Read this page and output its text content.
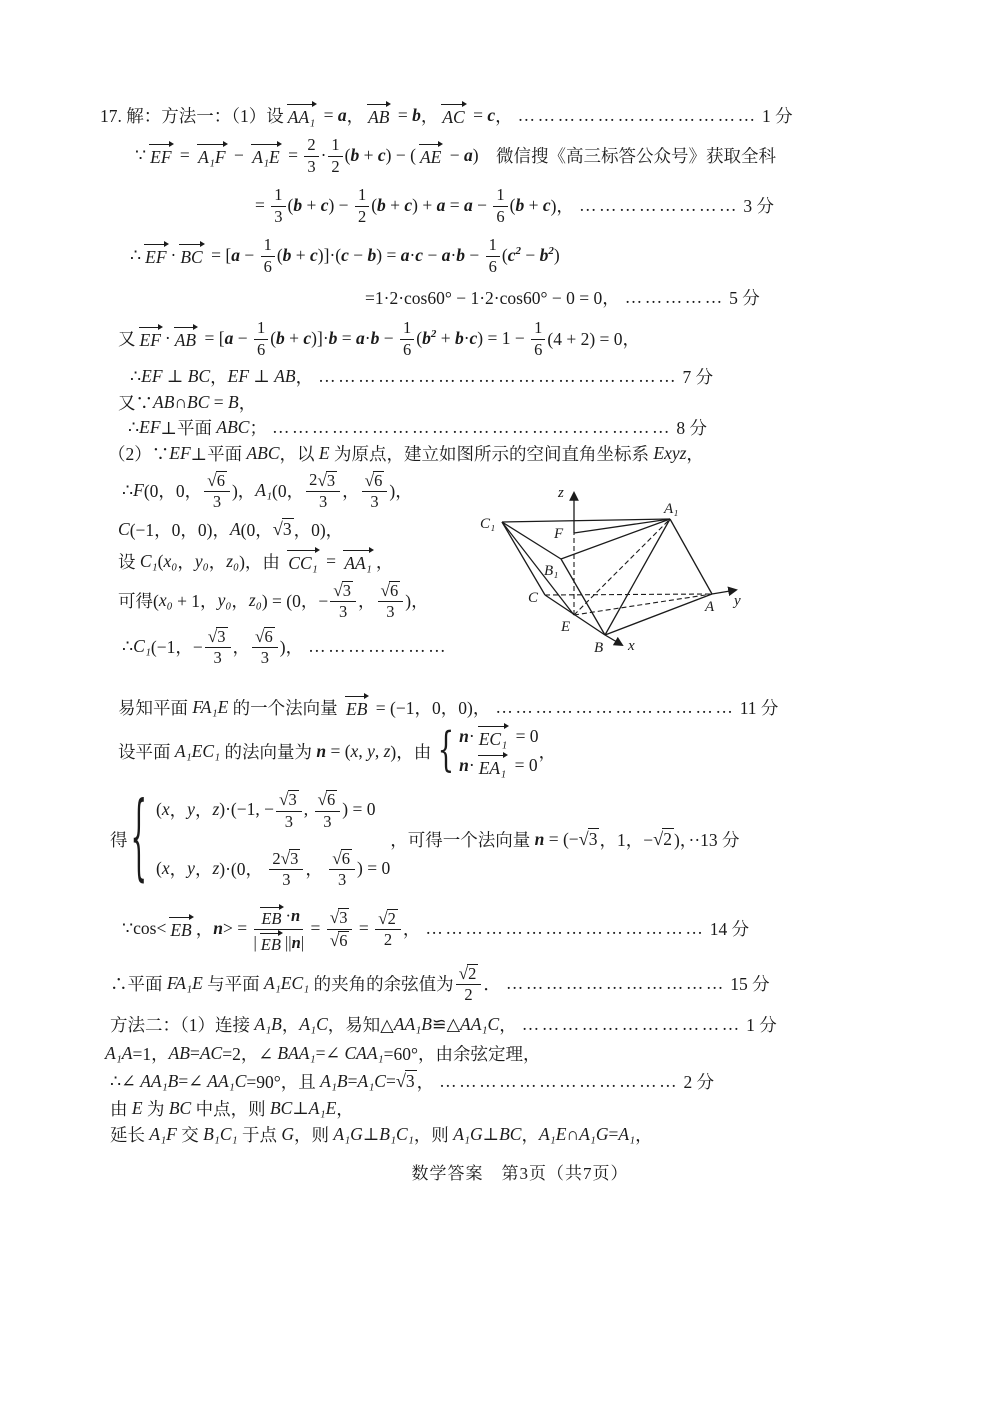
17. 解：方法一：（1）设 AA₁ = a ， AB = b ， AC = c ， ……………………………… 1 分
∵ EF = $A_1F - A_1E = \frac{2}{3} \cdot \frac{1}{2}$ ( b + c ) − ( AE − a ) 　微信搜《高三标答公众号》获取全科
= $\frac{1}{3}$ ( b + c ) − $\frac{1}{2}$ ( b + c ) + $a = a - \frac{1}{6}$ ( b + c )， …………………… 3 分
∴ EF · BC = [ $a - \frac{1}{6}$ ( b + c )]·( c − b ) = $a \cdot c - a \cdot b - \frac{1}{6}$ ( $c^2 - b^2$ )
=1·2·cos60° − 1·2·cos60° − 0 = 0， …………… 5 分
又 EF · AB = [ $a - \frac{1}{6}$ ( b + c )]· $b = a \cdot b - \frac{1}{6}$ ( $b^2 + b \cdot c$ ) = $1 - \frac{1}{6} (4 + 2) = 0$，
∴ EF ⊥ BC ， EF ⊥ AB ， ……………………………………………… 7 分
又∵ AB ∩ BC = B ，
∴ EF ⊥平面 ABC ； …………………………………………………… 8 分
（2）∵ EF ⊥平面 ABC ，以 E 为原点，建立如图所示的空间直角坐标系 Exyz ，
∴ F (0，0， $\frac{√ 6}{3}$ )， A₁ (0， $\frac{2 √ 3}{3}$ ， $\frac{√ 6}{3}$ )，
C (−1，0，0)， A (0， √ 3 ，0)，
设 C₁ ( x₀ ， y₀ ， z₀ )，由 CC₁ = AA₁ ，
可得( x₀ + 1， y₀ ， z₀ ) = (0，− $\frac{√ 3}{3}$ ， $\frac{√ 6}{3}$ )，
∴ C₁ (−1，− $\frac{√ 3}{3}$ ， $\frac{√ 6}{3}$ )， …………………
z
C₁
A₁
F
B₁
C
E
B
A y
x
易知平面 FA₁E 的一个法向量 EB = (−1，0，0)， ……………………………… 11 分
设平面 A₁EC₁ 的法向量为 n = ( x , y , z )，由 { n · EC₁ = 0
n · EA₁ = 0
，
得 { ( x ， y ， z )·(−1, − $\frac{√ 3}{3}$ , $\frac{√ 6}{3}$ ) = 0
( x ， y ， z )·(0， $\frac{2 √ 3}{3}$ ， $\frac{√ 6}{3}$ ) = 0
，可得一个法向量 n = (− √ 3 ，1，− √ 2 )，··13 分
∵cos< EB ， n > = $\frac{EB \cdot n}{| EB || n |} = \frac{√ 3}{√ 6} = \frac{√ 2}{2}$ ， …………………………………… 14 分
∴平面 FA₁E 与平面 A₁EC₁ 的夹角的余弦值为 $\frac{√ 2}{2}$ ． …………………………… 15 分
方法二：（1）连接 A₁B ， A₁C ，易知△ AA₁B ≌△ AA₁C ， …………………………… 1 分
A₁A =1， AB = AC =2，∠ BAA₁ =∠ CAA₁ =60°，由余弦定理，
∴∠ AA₁B =∠ AA₁C =90°，且 A₁B = A₁C = √ 3 ， ……………………………… 2 分
由 E 为 BC 中点，则 BC ⊥ A₁E ，
延长 A₁F 交 B₁C₁ 于点 G ，则 A₁G ⊥ B₁C₁ ，则 A₁G ⊥ BC ， A₁E ∩ A₁G = A₁ ，
数学答案　第3页（共7页）
